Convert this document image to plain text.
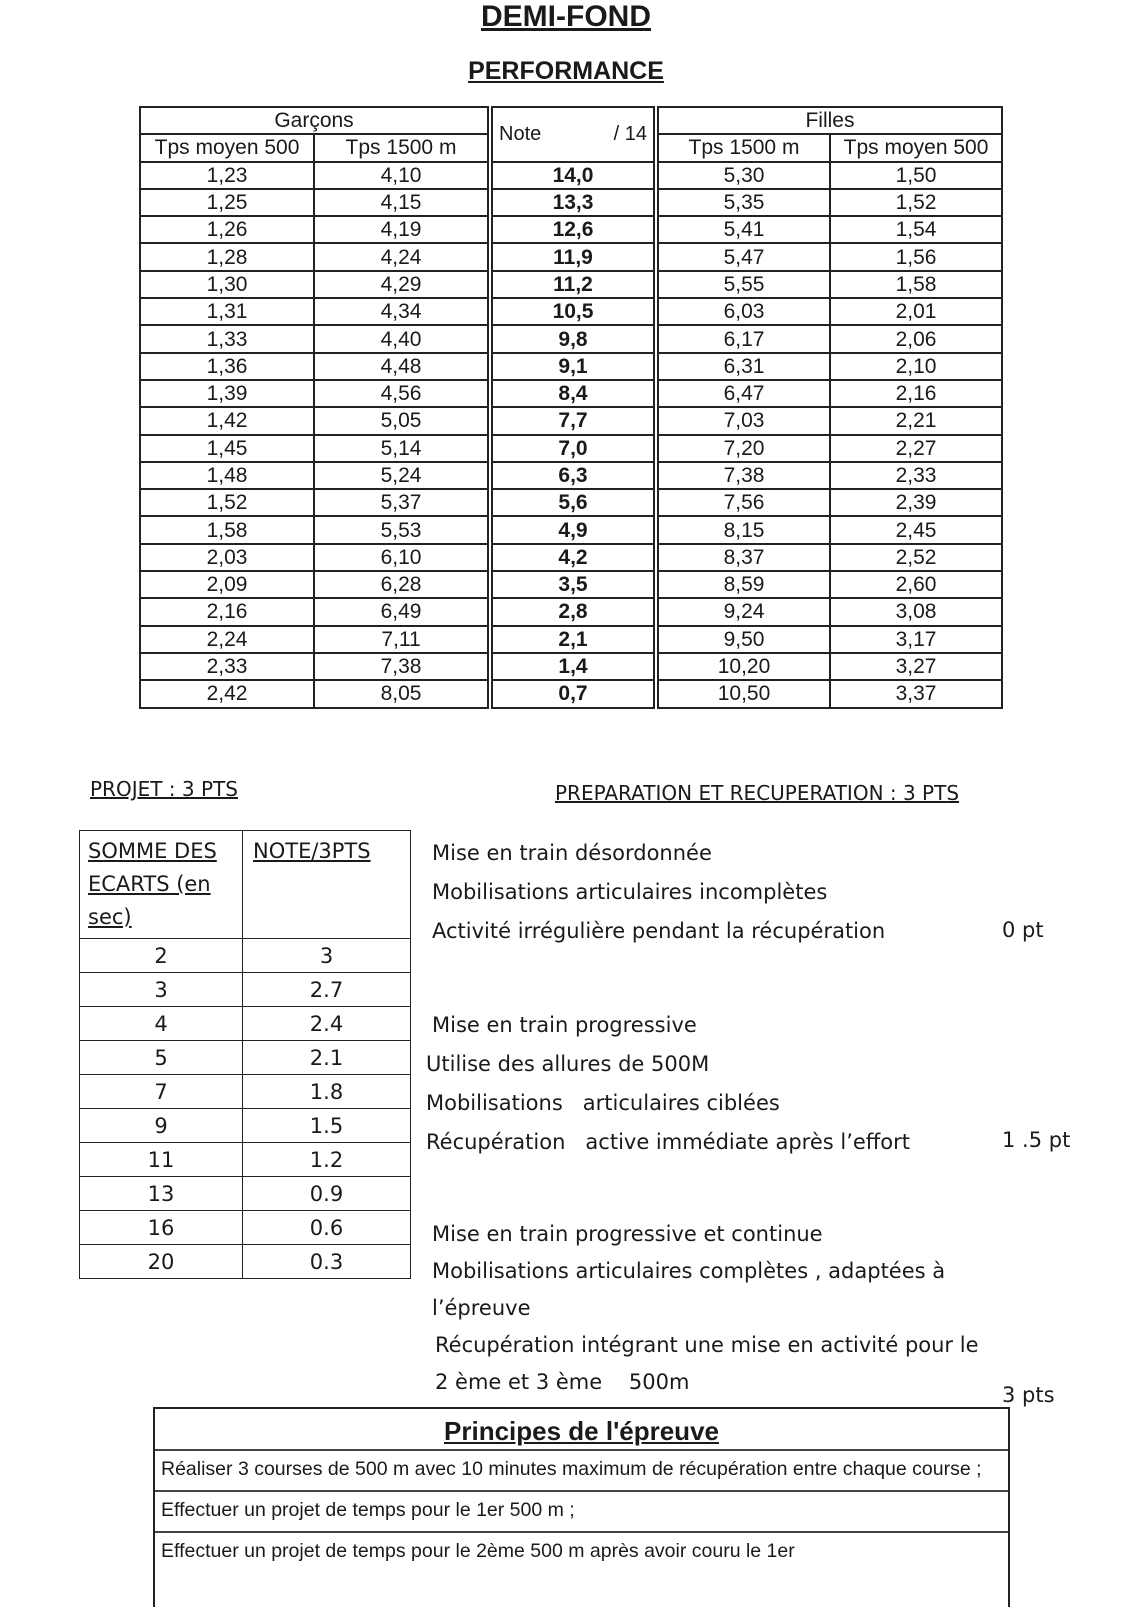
DEMI-FOND
PERFORMANCE
Garçons		Note / 14	Filles	
Tps moyen 500	Tps 1500 m		Tps 1500 m	Tps moyen 500
1,23	4,10	14,0	5,30	1,50
1,25	4,15	13,3	5,35	1,52
1,26	4,19	12,6	5,41	1,54
1,28	4,24	11,9	5,47	1,56
1,30	4,29	11,2	5,55	1,58
1,31	4,34	10,5	6,03	2,01
1,33	4,40	9,8	6,17	2,06
1,36	4,48	9,1	6,31	2,10
1,39	4,56	8,4	6,47	2,16
1,42	5,05	7,7	7,03	2,21
1,45	5,14	7,0	7,20	2,27
1,48	5,24	6,3	7,38	2,33
1,52	5,37	5,6	7,56	2,39
1,58	5,53	4,9	8,15	2,45
2,03	6,10	4,2	8,37	2,52
2,09	6,28	3,5	8,59	2,60
2,16	6,49	2,8	9,24	3,08
2,24	7,11	2,1	9,50	3,17
2,33	7,38	1,4	10,20	3,27
2,42	8,05	0,7	10,50	3,37
PROJET : 3 PTS	PREPARATION ET RECUPERATION : 3 PTS
SOMME DES ECARTS (en sec)	NOTE/3PTS
2	3
3	2.7
4	2.4
5	2.1
7	1.8
9	1.5
11	1.2
13	0.9
16	0.6
20	0.3
Mise en train désordonnée
Mobilisations articulaires incomplètes
Activité irrégulière pendant la récupération	0 pt
Mise en train progressive
Utilise des allures de 500M
Mobilisations   articulaires ciblées
Récupération   active immédiate après l’effort	1 .5 pt
Mise en train progressive et continue
Mobilisations articulaires complètes , adaptées à
l’épreuve
Récupération intégrant une mise en activité pour le
2 ème et 3 ème    500m
3 pts
Principes de l'épreuve
Réaliser 3 courses de 500 m avec 10 minutes maximum de récupération entre chaque course ;
Effectuer un projet de temps pour le 1er 500 m ;
Effectuer un projet de temps pour le 2ème 500 m après avoir couru le 1er
